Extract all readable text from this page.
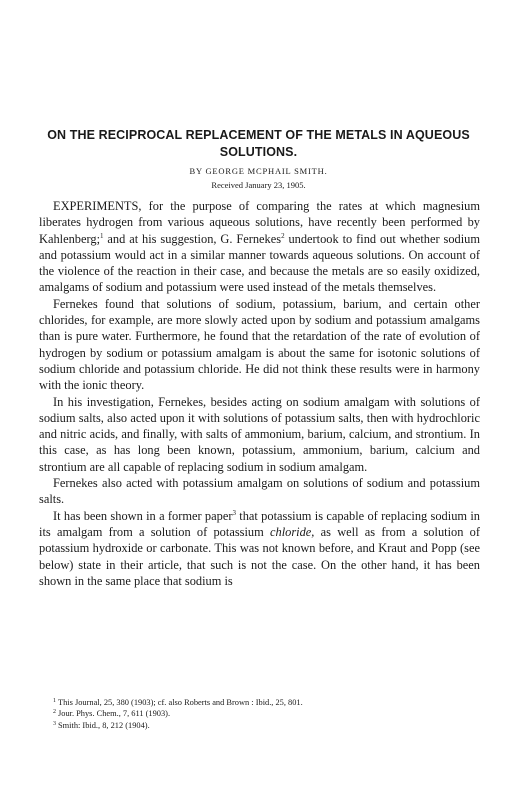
ON THE RECIPROCAL REPLACEMENT OF THE METALS IN AQUEOUS SOLUTIONS.
BY GEORGE MCPHAIL SMITH.
Received January 23, 1905.

EXPERIMENTS, for the purpose of comparing the rates at which magnesium liberates hydrogen from various aqueous solutions, have recently been performed by Kahlenberg;$^1$ and at his suggestion, G. Fernekes$^2$ undertook to find out whether sodium and potassium would act in a similar manner towards aqueous solutions. On account of the violence of the reaction in their case, and because the metals are so easily oxidized, amalgams of sodium and potassium were used instead of the metals themselves.

Fernekes found that solutions of sodium, potassium, barium, and certain other chlorides, for example, are more slowly acted upon by sodium and potassium amalgams than is pure water. Furthermore, he found that the retardation of the rate of evolution of hydrogen by sodium or potassium amalgam is about the same for isotonic solutions of sodium chloride and potassium chloride. He did not think these results were in harmony with the ionic theory.

In his investigation, Fernekes, besides acting on sodium amalgam with solutions of sodium salts, also acted upon it with solutions of potassium salts, then with hydrochloric and nitric acids, and finally, with salts of ammonium, barium, calcium, and strontium. In this case, as has long been known, potassium, ammonium, barium, calcium and strontium are all capable of replacing sodium in sodium amalgam.

Fernekes also acted with potassium amalgam on solutions of sodium and potassium salts.

It has been shown in a former paper$^3$ that potassium is capable of replacing sodium in its amalgam from a solution of potassium chloride, as well as from a solution of potassium hydroxide or carbonate. This was not known before, and Kraut and Popp (see below) state in their article, that such is not the case. On the other hand, it has been shown in the same place that sodium is

$^1$ This Journal, 25, 380 (1903); cf. also Roberts and Brown : Ibid., 25, 801.
$^2$ Jour. Phys. Chem., 7, 611 (1903).
$^3$ Smith: Ibid., 8, 212 (1904).
